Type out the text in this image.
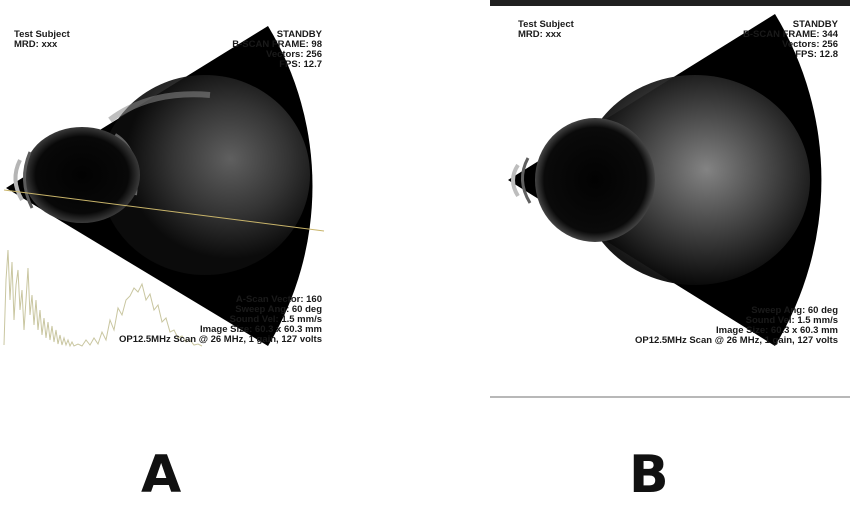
Test Subject
MRD: xxx
STANDBY
B-SCAN FRAME: 98
Vectors: 256
FPS: 12.7
A-Scan Vector: 160
Sweep Ang: 60 deg
Sound Vel: 1.5 mm/s
Image Size: 60.3 x 60.3 mm
OP12.5MHz Scan @ 26 MHz, 1 gain, 127 volts
Test Subject
MRD: xxx
STANDBY
B-SCAN FRAME: 344
Vectors: 256
FPS: 12.8
Sweep Ang: 60 deg
Sound Vel: 1.5 mm/s
Image Size: 60.3 x 60.3 mm
OP12.5MHz Scan @ 26 MHz, 1 gain, 127 volts
A	B
